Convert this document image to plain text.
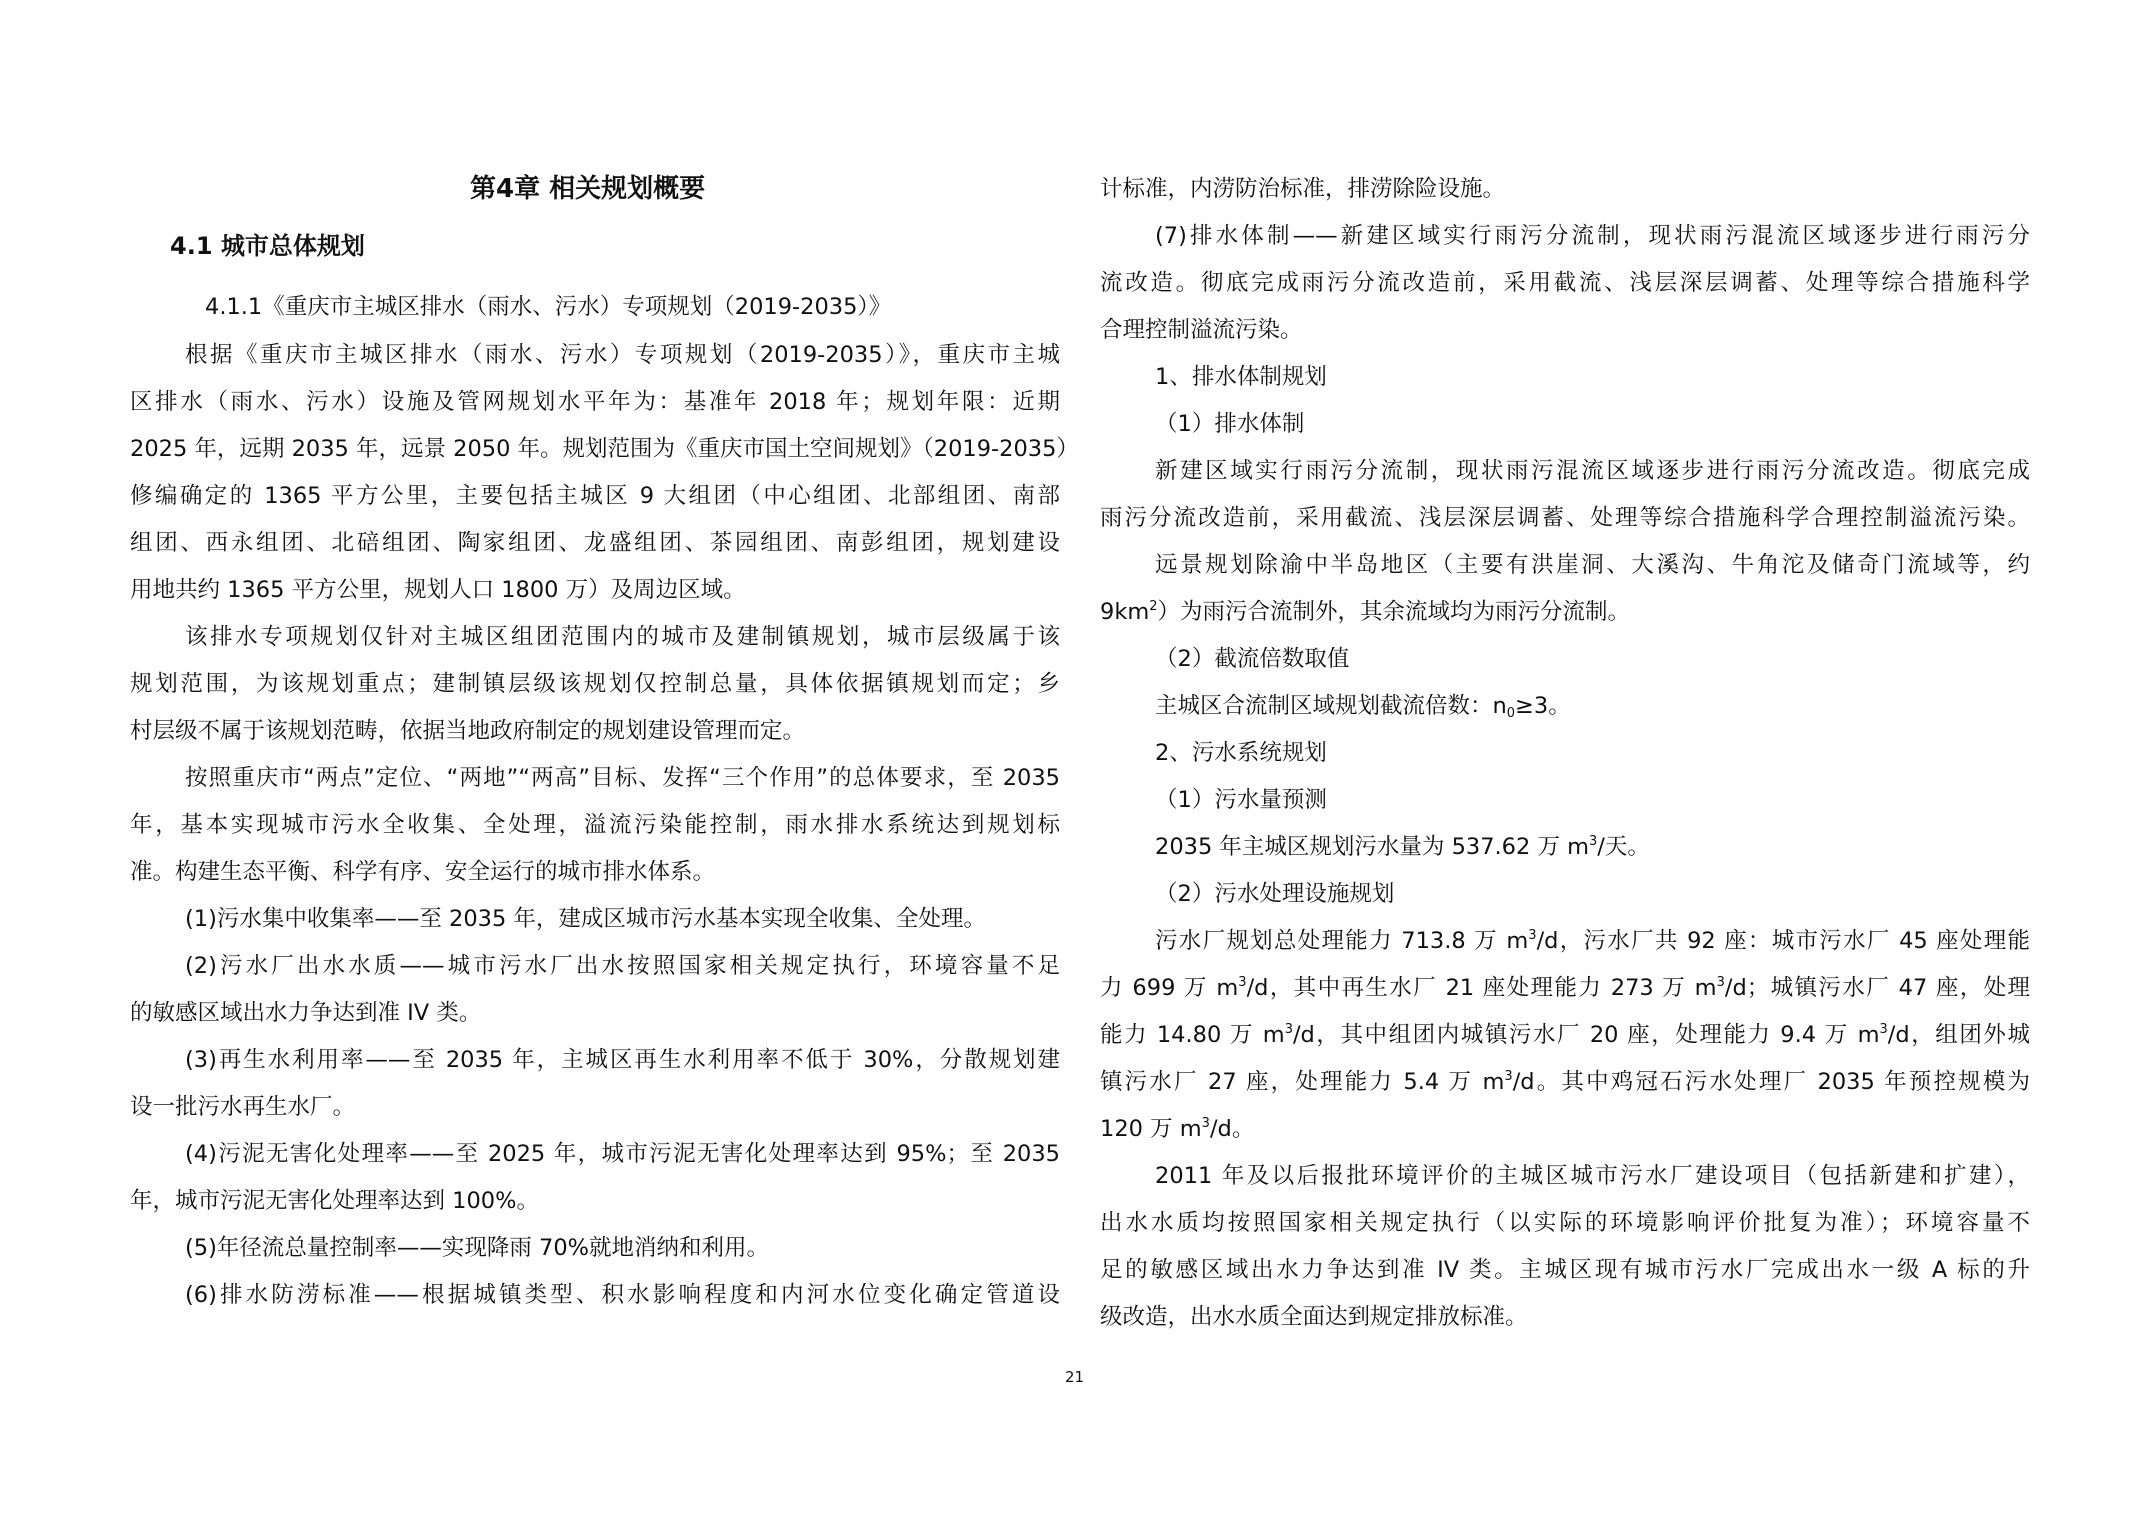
第4章 相关规划概要
4.1 城市总体规划
4.1.1《重庆市主城区排水（雨水、污水）专项规划（2019-2035）》
根据《重庆市主城区排水（雨水、污水）专项规划（2019-2035）》，重庆市主城
区排水（雨水、污水）设施及管网规划水平年为：基准年 2018 年；规划年限：近期
2025 年，远期 2035 年，远景 2050 年。规划范围为《重庆市国土空间规划》（2019-2035）
修编确定的 1365 平方公里，主要包括主城区 9 大组团（中心组团、北部组团、南部
组团、西永组团、北碚组团、陶家组团、龙盛组团、茶园组团、南彭组团，规划建设
用地共约 1365 平方公里，规划人口 1800 万）及周边区域。
该排水专项规划仅针对主城区组团范围内的城市及建制镇规划，城市层级属于该
规划范围，为该规划重点；建制镇层级该规划仅控制总量，具体依据镇规划而定；乡
村层级不属于该规划范畴，依据当地政府制定的规划建设管理而定。
按照重庆市“两点”定位、“两地”“两高”目标、发挥“三个作用”的总体要求，至 2035
年，基本实现城市污水全收集、全处理，溢流污染能控制，雨水排水系统达到规划标
准。构建生态平衡、科学有序、安全运行的城市排水体系。
(1)污水集中收集率——至 2035 年，建成区城市污水基本实现全收集、全处理。
(2)污水厂出水水质——城市污水厂出水按照国家相关规定执行，环境容量不足
的敏感区域出水力争达到准 IV 类。
(3)再生水利用率——至 2035 年，主城区再生水利用率不低于 30%，分散规划建
设一批污水再生水厂。
(4)污泥无害化处理率——至 2025 年，城市污泥无害化处理率达到 95%；至 2035
年，城市污泥无害化处理率达到 100%。
(5)年径流总量控制率——实现降雨 70%就地消纳和利用。
(6)排水防涝标准——根据城镇类型、积水影响程度和内河水位变化确定管道设
计标准，内涝防治标准，排涝除险设施。
(7)排水体制——新建区域实行雨污分流制，现状雨污混流区域逐步进行雨污分
流改造。彻底完成雨污分流改造前，采用截流、浅层深层调蓄、处理等综合措施科学
合理控制溢流污染。
1、排水体制规划
（1）排水体制
新建区域实行雨污分流制，现状雨污混流区域逐步进行雨污分流改造。彻底完成
雨污分流改造前，采用截流、浅层深层调蓄、处理等综合措施科学合理控制溢流污染。
远景规划除渝中半岛地区（主要有洪崖洞、大溪沟、牛角沱及储奇门流域等，约
$9km^2$）为雨污合流制外，其余流域均为雨污分流制。
（2）截流倍数取值
主城区合流制区域规划截流倍数：$n_0\ge 3$。
2、污水系统规划
（1）污水量预测
2035 年主城区规划污水量为 537.62 万 $m^3/$天。
（2）污水处理设施规划
污水厂规划总处理能力 713.8 万 $m^3/d$，污水厂共 92 座：城市污水厂 45 座处理能
力 699 万 $m^3/d$，其中再生水厂 21 座处理能力 273 万 $m^3/d$；城镇污水厂 47 座，处理
能力 14.80 万 $m^3/d$，其中组团内城镇污水厂 20 座，处理能力 9.4 万 $m^3/d$，组团外城
镇污水厂 27 座，处理能力 5.4 万 $m^3/d$。其中鸡冠石污水处理厂 2035 年预控规模为
120 万 $m^3/d$。
2011 年及以后报批环境评价的主城区城市污水厂建设项目（包括新建和扩建），
出水水质均按照国家相关规定执行（以实际的环境影响评价批复为准）；环境容量不
足的敏感区域出水力争达到准 IV 类。主城区现有城市污水厂完成出水一级 A 标的升
级改造，出水水质全面达到规定排放标准。
21
